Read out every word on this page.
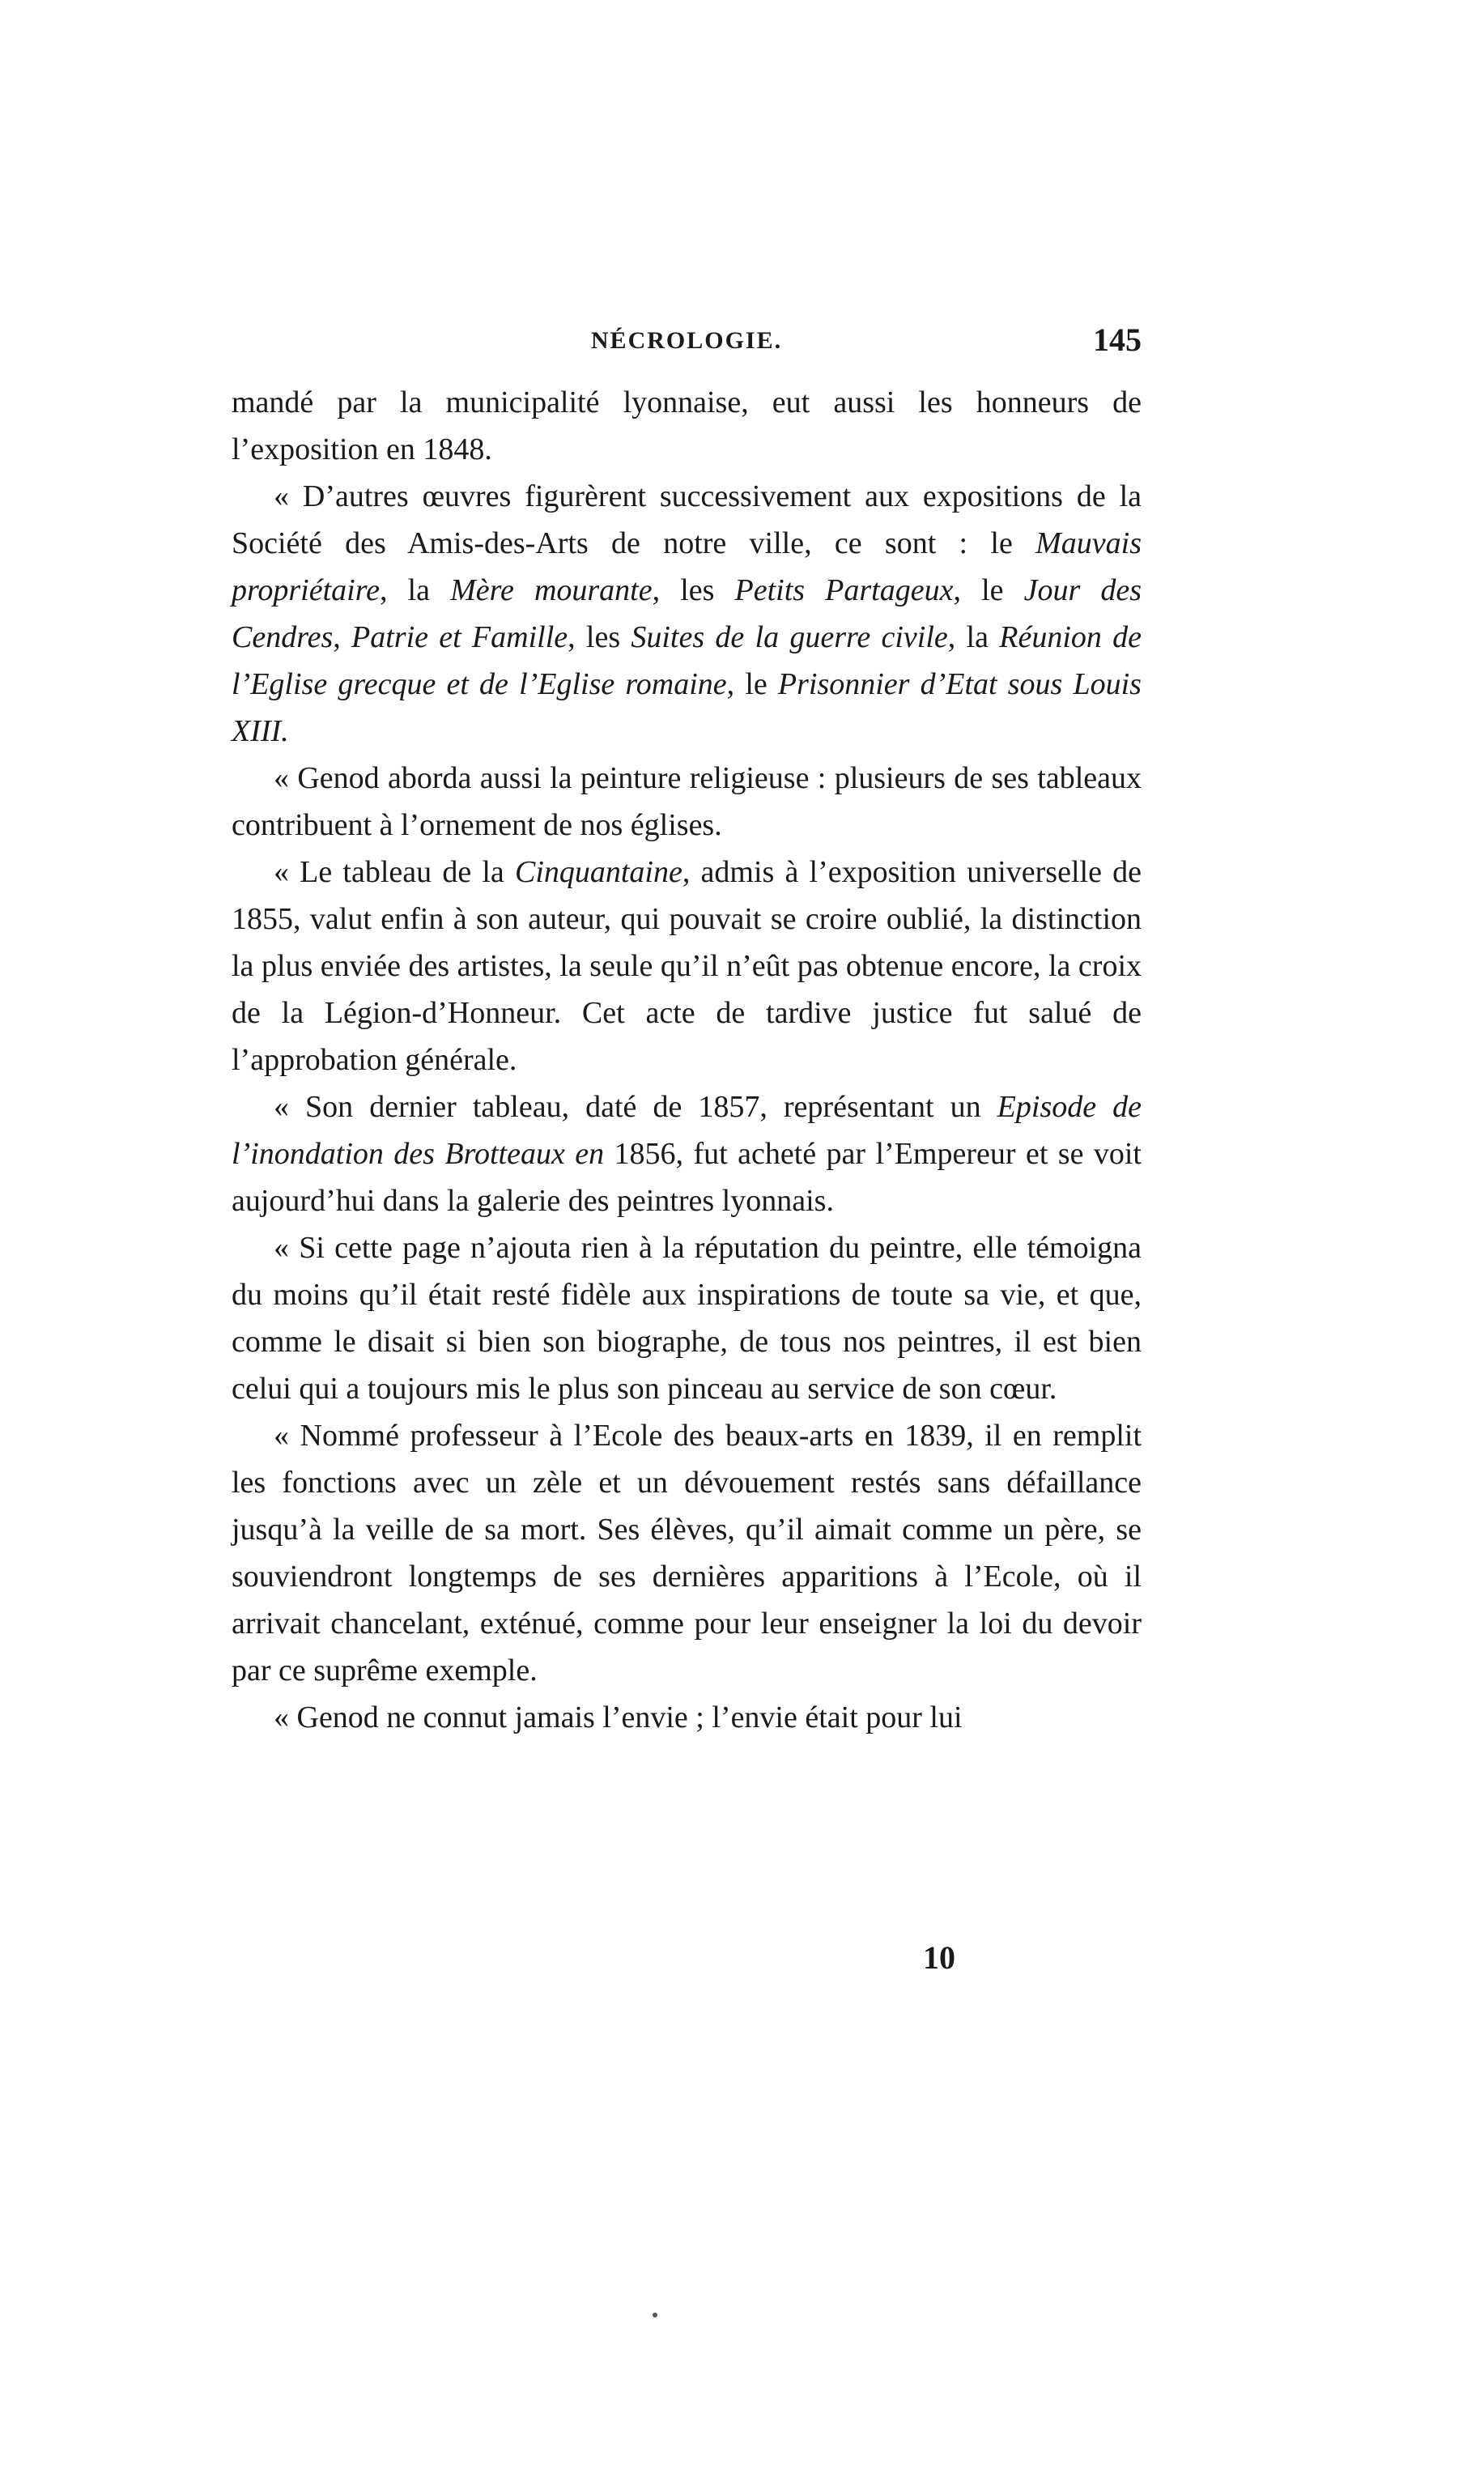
NÉCROLOGIE.	145

mandé par la municipalité lyonnaise, eut aussi les honneurs de l’exposition en 1848.

« D’autres œuvres figurèrent successivement aux expositions de la Société des Amis-des-Arts de notre ville, ce sont : le Mauvais propriétaire, la Mère mourante, les Petits Partageux, le Jour des Cendres, Patrie et Famille, les Suites de la guerre civile, la Réunion de l’Eglise grecque et de l’Eglise romaine, le Prisonnier d’Etat sous Louis XIII.

« Genod aborda aussi la peinture religieuse : plusieurs de ses tableaux contribuent à l’ornement de nos églises.

« Le tableau de la Cinquantaine, admis à l’exposition universelle de 1855, valut enfin à son auteur, qui pouvait se croire oublié, la distinction la plus enviée des artistes, la seule qu’il n’eût pas obtenue encore, la croix de la Légion-d’Honneur. Cet acte de tardive justice fut salué de l’approbation générale.

« Son dernier tableau, daté de 1857, représentant un Episode de l’inondation des Brotteaux en 1856, fut acheté par l’Empereur et se voit aujourd’hui dans la galerie des peintres lyonnais.

« Si cette page n’ajouta rien à la réputation du peintre, elle témoigna du moins qu’il était resté fidèle aux inspirations de toute sa vie, et que, comme le disait si bien son biographe, de tous nos peintres, il est bien celui qui a toujours mis le plus son pinceau au service de son cœur.

« Nommé professeur à l’Ecole des beaux-arts en 1839, il en remplit les fonctions avec un zèle et un dévouement restés sans défaillance jusqu’à la veille de sa mort. Ses élèves, qu’il aimait comme un père, se souviendront longtemps de ses dernières apparitions à l’Ecole, où il arrivait chancelant, exténué, comme pour leur enseigner la loi du devoir par ce suprême exemple.

« Genod ne connut jamais l’envie ; l’envie était pour lui

10
